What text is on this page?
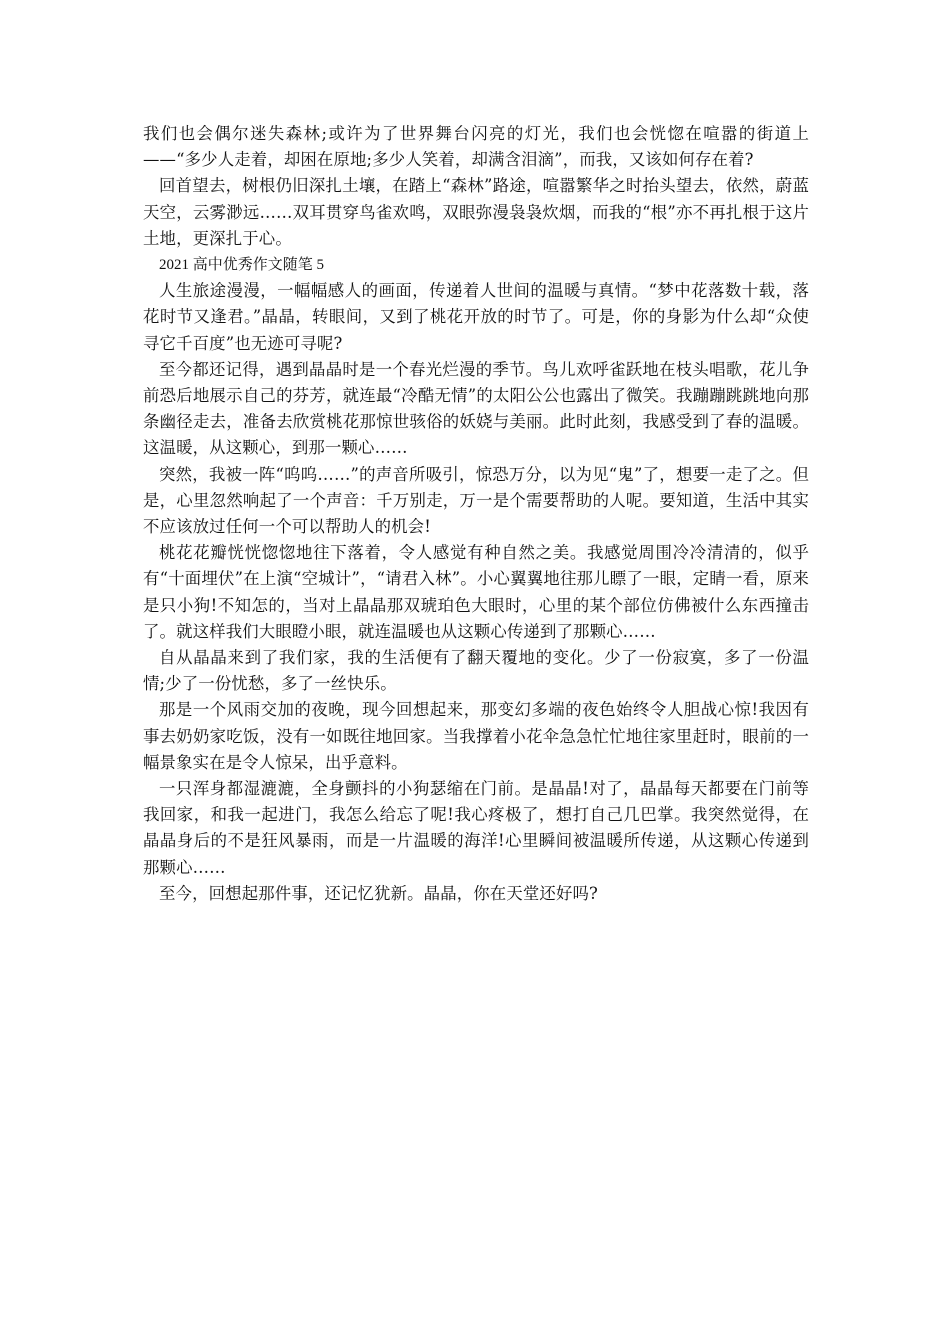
我们也会偶尔迷失森林;或许为了世界舞台闪亮的灯光，我们也会恍惚在喧嚣的街道上——“多少人走着，却困在原地;多少人笑着，却满含泪滴”，而我，又该如何存在着?

回首望去，树根仍旧深扎土壤，在踏上“森林”路途，喧嚣繁华之时抬头望去，依然，蔚蓝天空，云雾渺远……双耳贯穿鸟雀欢鸣，双眼弥漫袅袅炊烟，而我的“根”亦不再扎根于这片土地，更深扎于心。

2021 高中优秀作文随笔 5

人生旅途漫漫，一幅幅感人的画面，传递着人世间的温暖与真情。“梦中花落数十载，落花时节又逢君。”晶晶，转眼间，又到了桃花开放的时节了。可是，你的身影为什么却“众使寻它千百度”也无迹可寻呢?

至今都还记得，遇到晶晶时是一个春光烂漫的季节。鸟儿欢呼雀跃地在枝头唱歌，花儿争前恐后地展示自己的芬芳，就连最“冷酷无情”的太阳公公也露出了微笑。我蹦蹦跳跳地向那条幽径走去，准备去欣赏桃花那惊世骇俗的妖娆与美丽。此时此刻，我感受到了春的温暖。这温暖，从这颗心，到那一颗心……

突然，我被一阵“呜呜……”的声音所吸引，惊恐万分，以为见“鬼”了，想要一走了之。但是，心里忽然响起了一个声音：千万别走，万一是个需要帮助的人呢。要知道，生活中其实不应该放过任何一个可以帮助人的机会!

桃花花瓣恍恍惚惚地往下落着，令人感觉有种自然之美。我感觉周围冷冷清清的，似乎有“十面埋伏”在上演“空城计”，“请君入林”。小心翼翼地往那儿瞟了一眼，定睛一看，原来是只小狗!不知怎的，当对上晶晶那双琥珀色大眼时，心里的某个部位仿佛被什么东西撞击了。就这样我们大眼瞪小眼，就连温暖也从这颗心传递到了那颗心……

自从晶晶来到了我们家，我的生活便有了翻天覆地的变化。少了一份寂寞，多了一份温情;少了一份忧愁，多了一丝快乐。

那是一个风雨交加的夜晚，现今回想起来，那变幻多端的夜色始终令人胆战心惊!我因有事去奶奶家吃饭，没有一如既往地回家。当我撑着小花伞急急忙忙地往家里赶时，眼前的一幅景象实在是令人惊呆，出乎意料。

一只浑身都湿漉漉，全身颤抖的小狗瑟缩在门前。是晶晶!对了，晶晶每天都要在门前等我回家，和我一起进门，我怎么给忘了呢!我心疼极了，想打自己几巴掌。我突然觉得，在晶晶身后的不是狂风暴雨，而是一片温暖的海洋!心里瞬间被温暖所传递，从这颗心传递到那颗心……

至今，回想起那件事，还记忆犹新。晶晶，你在天堂还好吗?
